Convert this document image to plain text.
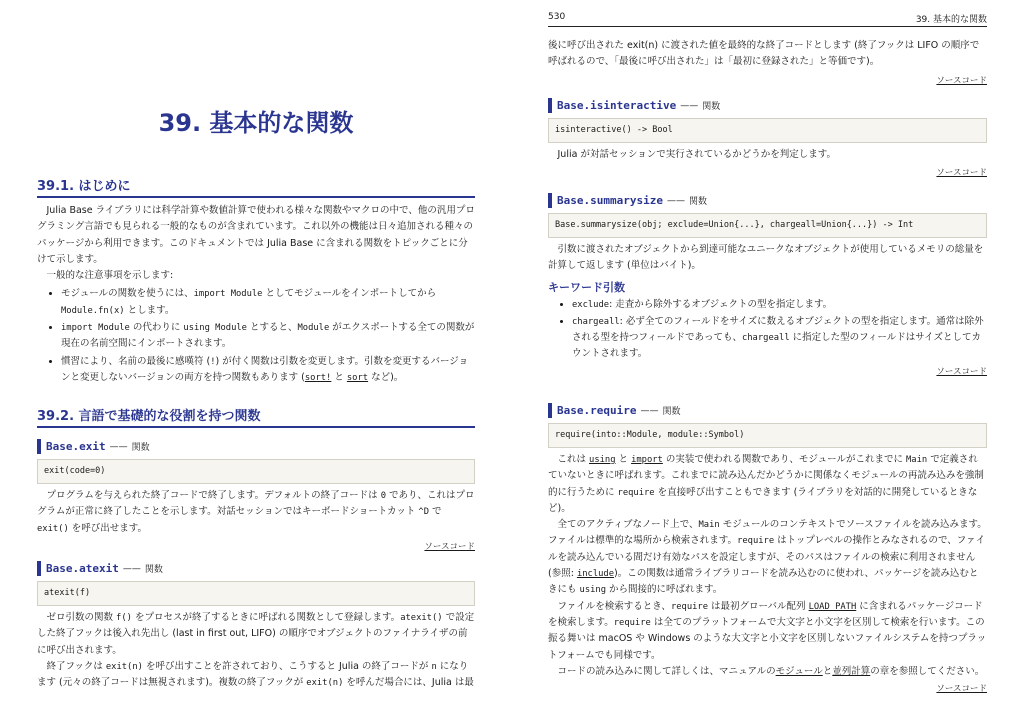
39. 基本的な関数
39.1. はじめに

Julia Base ライブラリには科学計算や数値計算で使われる様々な関数やマクロの中で、他の汎用プログラミング言語でも見られる一般的なものが含まれています。これ以外の機能は日々追加される種々のパッケージから利用できます。このドキュメントでは Julia Base に含まれる関数をトピックごとに分けて示します。

一般的な注意事項を示します:

• モジュールの関数を使うには、import Module としてモジュールをインポートしてから Module.fn(x) とします。
• import Module の代わりに using Module とすると、Module がエクスポートする全ての関数が現在の名前空間にインポートされます。
• 慣習により、名前の最後に感嘆符 (!) が付く関数は引数を変更します。引数を変更するバージョンと変更しないバージョンの両方を持つ関数もあります (sort! と sort など)。
39.2. 言語で基礎的な役割を持つ関数
Base.exit —— 関数
exit(code=0)

プログラムを与えられた終了コードで終了します。デフォルトの終了コードは 0 であり、これはプログラムが正常に終了したことを示します。対話セッションではキーボードショートカット ^D で exit() を呼び出せます。

ソースコード

Base.atexit —— 関数
atexit(f)

ゼロ引数の関数 f() をプロセスが終了するときに呼ばれる関数として登録します。atexit() で設定した終了フックは後入れ先出し (last in first out, LIFO) の順序でオブジェクトのファイナライザの前に呼び出されます。

終了フックは exit(n) を呼び出すことを許されており、こうすると Julia の終了コードが n になります (元々の終了コードは無視されます)。複数の終了フックが exit(n) を呼んだ場合には、Julia は最

530	39. 基本的な関数

後に呼び出された exit(n) に渡された値を最終的な終了コードとします (終了フックは LIFO の順序で呼ばれるので、「最後に呼び出された」は「最初に登録された」と等価です)。

ソースコード

Base.isinteractive —— 関数
isinteractive() -> Bool

Julia が対話セッションで実行されているかどうかを判定します。

ソースコード

Base.summarysize —— 関数
Base.summarysize(obj; exclude=Union{...}, chargeall=Union{...}) -> Int

引数に渡されたオブジェクトから到達可能なユニークなオブジェクトが使用しているメモリの総量を計算して返します (単位はバイト)。

キーワード引数
• exclude: 走査から除外するオブジェクトの型を指定します。
• chargeall: 必ず全てのフィールドをサイズに数えるオブジェクトの型を指定します。通常は除外される型を持つフィールドであっても、chargeall に指定した型のフィールドはサイズとしてカウントされます。

ソースコード

Base.require —— 関数
require(into::Module, module::Symbol)

これは using と import の実装で使われる関数であり、モジュールがこれまでに Main で定義されていないときに呼ばれます。これまでに読み込んだかどうかに関係なくモジュールの再読み込みを強制的に行うために require を直接呼び出すこともできます (ライブラリを対話的に開発しているときなど)。

全てのアクティブなノード上で、Main モジュールのコンテキストでソースファイルを読み込みます。ファイルは標準的な場所から検索されます。require はトップレベルの操作とみなされるので、ファイルを読み込んでいる間だけ有効なパスを設定しますが、そのパスはファイルの検索に利用されません (参照: include)。この関数は通常ライブラリコードを読み込むのに使われ、パッケージを読み込むときにも using から間接的に呼ばれます。

ファイルを検索するとき、require は最初グローバル配列 LOAD_PATH に含まれるパッケージコードを検索します。require は全てのプラットフォームで大文字と小文字を区別して検索を行います。この振る舞いは macOS や Windows のような大文字と小文字を区別しないファイルシステムを持つプラットフォームでも同様です。

コードの読み込みに関して詳しくは、マニュアルのモジュールと並列計算の章を参照してください。

ソースコード
